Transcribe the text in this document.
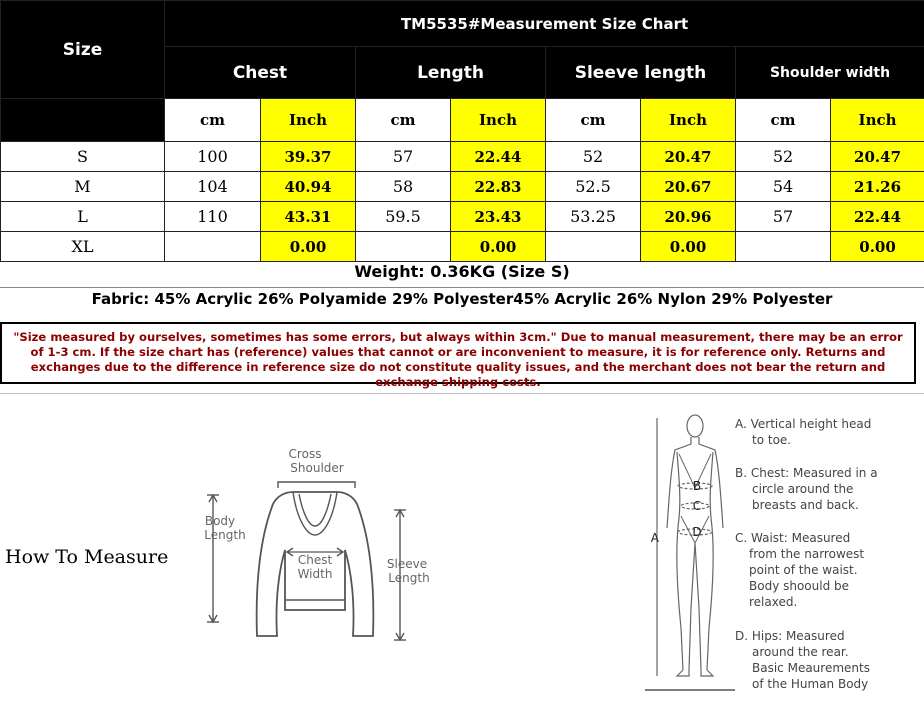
Size	TM5535#Measurement Size Chart							
	Chest		Length		Sleeve length		Shoulder width	
	cm	Inch	cm	Inch	cm	Inch	cm	Inch
S	100	39.37	57	22.44	52	20.47	52	20.47
M	104	40.94	58	22.83	52.5	20.67	54	21.26
L	110	43.31	59.5	23.43	53.25	20.96	57	22.44
XL		0.00		0.00		0.00		0.00
Weight: 0.36KG (Size S)
Fabric: 45% Acrylic 26% Polyamide 29% Polyester45% Acrylic 26% Nylon 29% Polyester
"Size measured by ourselves, sometimes has some errors, but always within 3cm." Due to manual measurement, there may be an error of 1-3 cm. If the size chart has (reference) values that cannot or are inconvenient to measure, it is for reference only. Returns and exchanges due to the difference in reference size do not constitute quality issues, and the merchant does not bear the return and exchange shipping costs.
How To Measure
Cross
Shoulder
Body
Length
Chest
Width
Sleeve
Length
A
B
C
D
A. Vertical height head
to toe.
B. Chest: Measured in a
circle around the
breasts and back.
C. Waist: Measured
from the narrowest
point of the waist.
Body shoould be
relaxed.
D. Hips: Measured
around the rear.
Basic Meaurements
of the Human Body
